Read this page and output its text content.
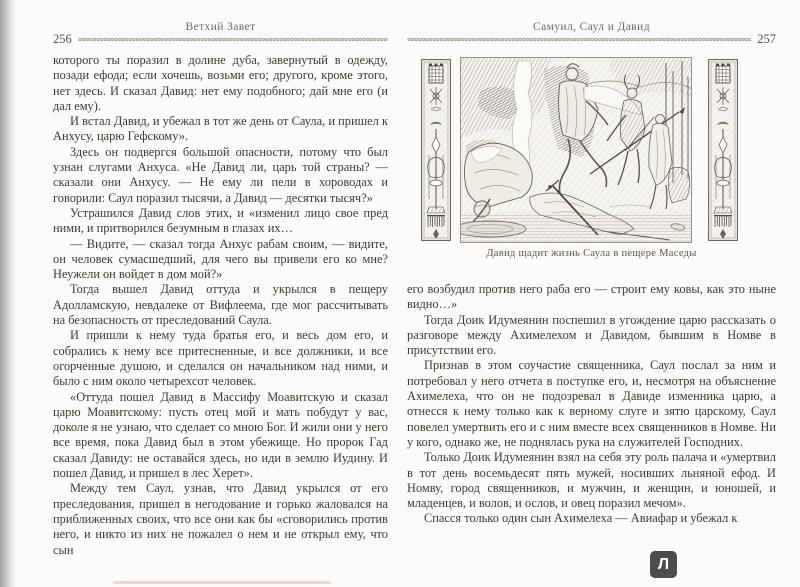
Ветхий Завет
256

которого ты поразил в долине дуба, завернутый в одежду, позади ефода; если хочешь, возьми его; другого, кроме этого, нет здесь. И сказал Давид: нет ему подобного; дай мне его (и дал ему).

И встал Давид, и убежал в тот же день от Саула, и пришел к Анхусу, царю Гефскому».

Здесь он подвергся большой опасности, потому что был узнан слугами Анхуса. «Не Давид ли, царь той страны? — сказали они Анхусу. — Не ему ли пели в хороводах и говорили: Саул поразил тысячи, а Давид — десятки тысяч?»

Устрашился Давид слов этих, и «изменил лицо свое пред ними, и притворился безумным в глазах их…

— Видите, — сказал тогда Анхус рабам своим, — видите, он человек сумасшедший, для чего вы привели его ко мне? Неужели он войдет в дом мой?»

Тогда вышел Давид оттуда и укрылся в пещеру Адолламскую, невдалеке от Вифлеема, где мог рассчитывать на безопасность от преследований Саула.

И пришли к нему туда братья его, и весь дом его, и собрались к нему все притесненные, и все должники, и все огорченные душою, и сделался он начальником над ними, и было с ним около четырехсот человек.

«Оттуда пошел Давид в Массифу Моавитскую и сказал царю Моавитскому: пусть отец мой и мать побудут у вас, доколе я не узнаю, что сделает со мною Бог. И жили они у него все время, пока Давид был в этом убежище. Но пророк Гад сказал Давиду: не оставайся здесь, но иди в землю Иудину. И пошел Давид, и пришел в лес Херет».

Между тем Саул, узнав, что Давид укрылся от его преследования, пришел в негодование и горько жаловался на приближенных своих, что все они как бы «сговорились против него, и никто из них не пожалел о нем и не открыл ему, что сын

Самуил, Саул и Давид
257
Давид щадит жизнь Саула в пещере Маседы

его возбудил против него раба его — строит ему ковы, как это ныне видно…»

Тогда Доик Идумеянин поспешил в угождение царю рассказать о разговоре между Ахимелехом и Давидом, бывшим в Номве в присутствии его.

Признав в этом соучастие священника, Саул послал за ним и потребовал у него отчета в поступке его, и, несмотря на объяснение Ахимелеха, что он не подозревал в Давиде изменника царю, а отнесся к нему только как к верному слуге и зятю царскому, Саул повелел умертвить его и с ним вместе всех священников в Номве. Ни у кого, однако же, не поднялась рука на служителей Господних.

Только Доик Идумеянин взял на себя эту роль палача и «умертвил в тот день восемьдесят пять мужей, носивших льняной ефод. И Номву, город священников, и мужчин, и женщин, и юношей, и младенцев, и волов, и ослов, и овец поразил мечом».

Спасся только один сын Ахимелеха — Авиафар и убежал к

Л
